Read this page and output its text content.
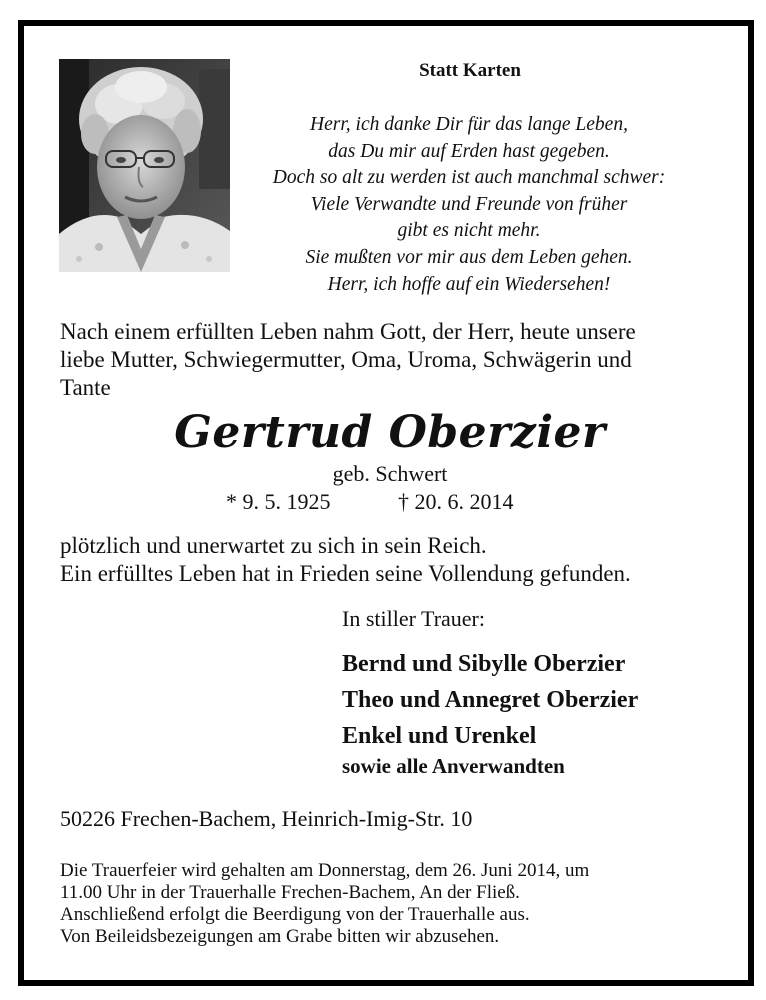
Statt Karten
Herr, ich danke Dir für das lange Leben,
das Du mir auf Erden hast gegeben.
Doch so alt zu werden ist auch manchmal schwer:
Viele Verwandte und Freunde von früher
gibt es nicht mehr.
Sie mußten vor mir aus dem Leben gehen.
Herr, ich hoffe auf ein Wiedersehen!
Nach einem erfüllten Leben nahm Gott, der Herr, heute unsere
liebe Mutter, Schwiegermutter, Oma, Uroma, Schwägerin und
Tante
Gertrud Oberzier
geb. Schwert
* 9. 5. 1925	† 20. 6. 2014
plötzlich und unerwartet zu sich in sein Reich.
Ein erfülltes Leben hat in Frieden seine Vollendung gefunden.
In stiller Trauer:
Bernd und Sibylle Oberzier
Theo und Annegret Oberzier
Enkel und Urenkel
sowie alle Anverwandten
50226 Frechen-Bachem, Heinrich-Imig-Str. 10
Die Trauerfeier wird gehalten am Donnerstag, dem 26. Juni 2014, um
11.00 Uhr in der Trauerhalle Frechen-Bachem, An der Fließ.
Anschließend erfolgt die Beerdigung von der Trauerhalle aus.
Von Beileidsbezeigungen am Grabe bitten wir abzusehen.
